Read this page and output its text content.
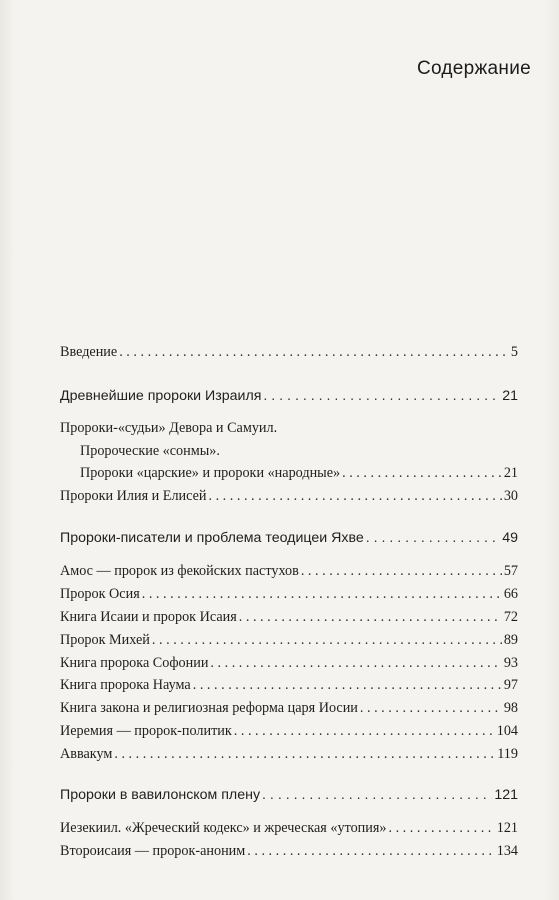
Содержание
Введение . . .	5
Древнейшие пророки Израиля . . .	21
Пророки-«судьи» Девора и Самуил.
Пророческие «сонмы».
Пророки «царские» и пророки «народные» . . .	21
Пророки Илия и Елисей . . .	30
Пророки-писатели и проблема теодицеи Яхве . . .	49
Амос — пророк из фекойских пастухов . . .	57
Пророк Осия . . .	66
Книга Исаии и пророк Исаия . . .	72
Пророк Михей . . .	89
Книга пророка Софонии . . .	93
Книга пророка Наума . . .	97
Книга закона и религиозная реформа царя Иосии . . .	98
Иеремия — пророк-политик . . .	104
Аввакум . . .	119
Пророки в вавилонском плену . . .	121
Иезекиил. «Жреческий кодекс» и жреческая «утопия» . . .	121
Второисаия — пророк-аноним . . .	134
